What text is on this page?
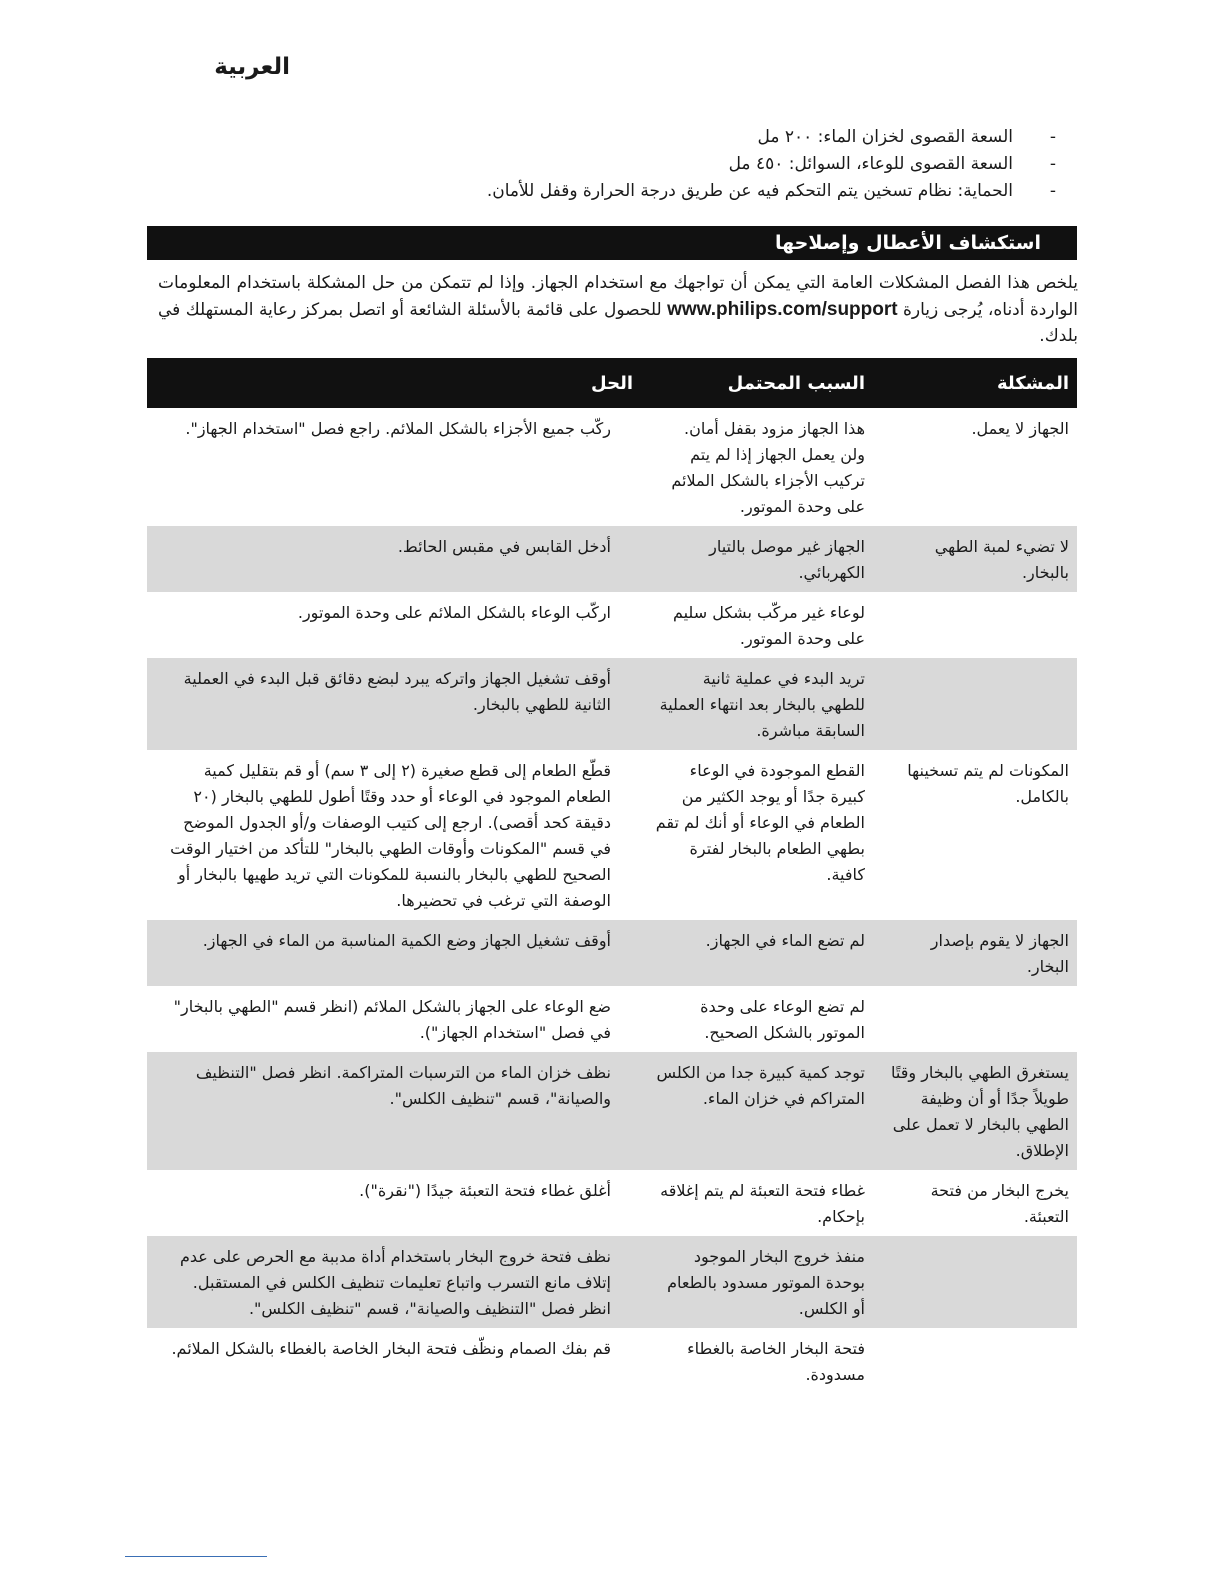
العربية
-
السعة القصوى لخزان الماء: ٢٠٠ مل
-
السعة القصوى للوعاء، السوائل: ٤٥٠ مل
-
الحماية: نظام تسخين يتم التحكم فيه عن طريق درجة الحرارة وقفل للأمان.
استكشاف الأعطال وإصلاحها

يلخص هذا الفصل المشكلات العامة التي يمكن أن تواجهك مع استخدام الجهاز. وإذا لم تتمكن من حل المشكلة باستخدام المعلومات الواردة أدناه، يُرجى زيارة www.philips.com/support للحصول على قائمة بالأسئلة الشائعة أو اتصل بمركز رعاية المستهلك في بلدك.

المشكلة	السبب المحتمل	الحل
الجهاز لا يعمل.	هذا الجهاز مزود بقفل أمان. ولن يعمل الجهاز إذا لم يتم تركيب الأجزاء بالشكل الملائم على وحدة الموتور.	ركّب جميع الأجزاء بالشكل الملائم. راجع فصل "استخدام الجهاز".
لا تضيء لمبة الطهي بالبخار.	الجهاز غير موصل بالتيار الكهربائي.	أدخل القابس في مقبس الحائط.
	لوعاء غير مركّب بشكل سليم على وحدة الموتور.	اركّب الوعاء بالشكل الملائم على وحدة الموتور.
	تريد البدء في عملية ثانية للطهي بالبخار بعد انتهاء العملية السابقة مباشرة.	أوقف تشغيل الجهاز واتركه يبرد لبضع دقائق قبل البدء في العملية الثانية للطهي بالبخار.
المكونات لم يتم تسخينها بالكامل.	القطع الموجودة في الوعاء كبيرة جدًا أو يوجد الكثير من الطعام في الوعاء أو أنك لم تقم بطهي الطعام بالبخار لفترة كافية.	قطّع الطعام إلى قطع صغيرة (٢ إلى ٣ سم) أو قم بتقليل كمية الطعام الموجود في الوعاء أو حدد وقتًا أطول للطهي بالبخار (٢٠ دقيقة كحد أقصى). ارجع إلى كتيب الوصفات و/أو الجدول الموضح في قسم "المكونات وأوقات الطهي بالبخار" للتأكد من اختيار الوقت الصحيح للطهي بالبخار بالنسبة للمكونات التي تريد طهيها بالبخار أو الوصفة التي ترغب في تحضيرها.
الجهاز لا يقوم بإصدار البخار.	لم تضع الماء في الجهاز.	أوقف تشغيل الجهاز وضع الكمية المناسبة من الماء في الجهاز.
	لم تضع الوعاء على وحدة الموتور بالشكل الصحيح.	ضع الوعاء على الجهاز بالشكل الملائم (انظر قسم "الطهي بالبخار" في فصل "استخدام الجهاز").
يستغرق الطهي بالبخار وقتًا طويلاً جدًا أو أن وظيفة الطهي بالبخار لا تعمل على الإطلاق.	توجد كمية كبيرة جدا من الكلس المتراكم في خزان الماء.	نظف خزان الماء من الترسبات المتراكمة. انظر فصل "التنظيف والصيانة"، قسم "تنظيف الكلس".
يخرج البخار من فتحة التعبئة.	غطاء فتحة التعبئة لم يتم إغلاقه بإحكام.	أغلق غطاء فتحة التعبئة جيدًا ("نقرة").
	منفذ خروج البخار الموجود بوحدة الموتور مسدود بالطعام أو الكلس.	نظف فتحة خروج البخار باستخدام أداة مدببة مع الحرص على عدم إتلاف مانع التسرب واتباع تعليمات تنظيف الكلس في المستقبل. انظر فصل "التنظيف والصيانة"، قسم "تنظيف الكلس".
	فتحة البخار الخاصة بالغطاء مسدودة.	قم بفك الصمام ونظّف فتحة البخار الخاصة بالغطاء بالشكل الملائم.
